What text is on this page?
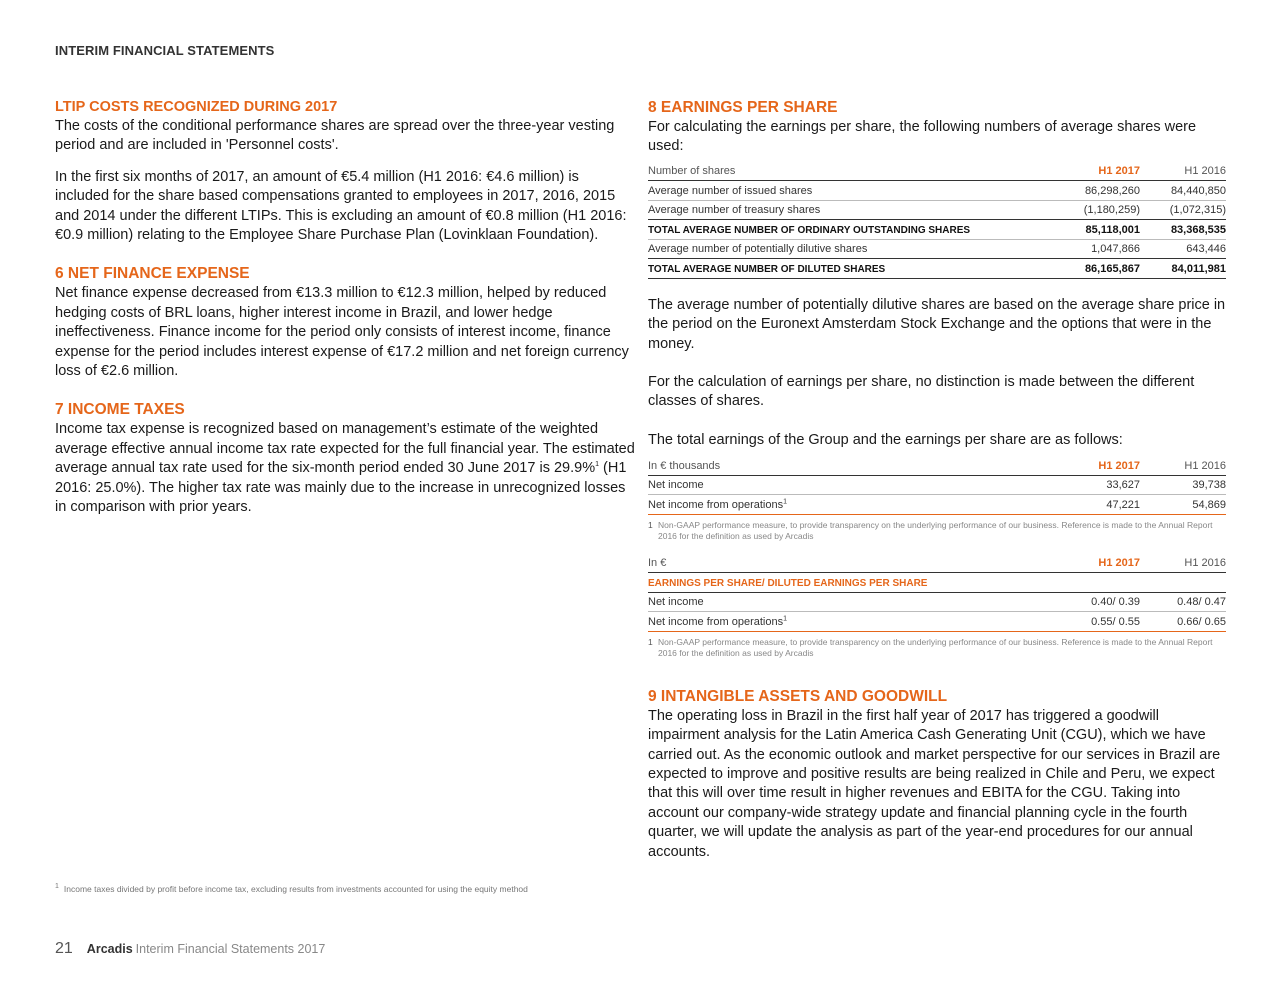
INTERIM FINANCIAL STATEMENTS
LTIP COSTS RECOGNIZED DURING 2017
The costs of the conditional performance shares are spread over the three-year vesting period and are included in 'Personnel costs'.
In the first six months of 2017, an amount of €5.4 million (H1 2016: €4.6 million) is included for the share based compensations granted to employees in 2017, 2016, 2015 and 2014 under the different LTIPs. This is excluding an amount of €0.8 million (H1 2016: €0.9 million) relating to the Employee Share Purchase Plan (Lovinklaan Foundation).
6 NET FINANCE EXPENSE
Net finance expense decreased from €13.3 million to €12.3 million, helped by reduced hedging costs of BRL loans, higher interest income in Brazil, and lower hedge ineffectiveness. Finance income for the period only consists of interest income, finance expense for the period includes interest expense of €17.2 million and net foreign currency loss of €2.6 million.
7 INCOME TAXES
Income tax expense is recognized based on management’s estimate of the weighted average effective annual income tax rate expected for the full financial year. The estimated average annual tax rate used for the six-month period ended 30 June 2017 is 29.9%$^1$ (H1 2016: 25.0%). The higher tax rate was mainly due to the increase in unrecognized losses in comparison with prior years.
8 EARNINGS PER SHARE
For calculating the earnings per share, the following numbers of average shares were used:
Number of shares	H1 2017	H1 2016
Average number of issued shares	86,298,260	84,440,850
Average number of treasury shares	(1,180,259)	(1,072,315)
TOTAL AVERAGE NUMBER OF ORDINARY OUTSTANDING SHARES	85,118,001	83,368,535
Average number of potentially dilutive shares	1,047,866	643,446
TOTAL AVERAGE NUMBER OF DILUTED SHARES	86,165,867	84,011,981
The average number of potentially dilutive shares are based on the average share price in the period on the Euronext Amsterdam Stock Exchange and the options that were in the money.
For the calculation of earnings per share, no distinction is made between the different classes of shares.
The total earnings of the Group and the earnings per share are as follows:
In € thousands	H1 2017	H1 2016
Net income	33,627	39,738
Net income from operations$^1$	47,221	54,869
1 Non-GAAP performance measure, to provide transparency on the underlying performance of our business. Reference is made to the Annual Report 2016 for the definition as used by Arcadis
In €	H1 2017	H1 2016
EARNINGS PER SHARE/ DILUTED EARNINGS PER SHARE		
Net income	0.40/ 0.39	0.48/ 0.47
Net income from operations$^1$	0.55/ 0.55	0.66/ 0.65
1 Non-GAAP performance measure, to provide transparency on the underlying performance of our business. Reference is made to the Annual Report 2016 for the definition as used by Arcadis
9 INTANGIBLE ASSETS AND GOODWILL
The operating loss in Brazil in the first half year of 2017 has triggered a goodwill impairment analysis for the Latin America Cash Generating Unit (CGU), which we have carried out. As the economic outlook and market perspective for our services in Brazil are expected to improve and positive results are being realized in Chile and Peru, we expect that this will over time result in higher revenues and EBITA for the CGU. Taking into account our company-wide strategy update and financial planning cycle in the fourth quarter, we will update the analysis as part of the year-end procedures for our annual accounts.
$^1$ Income taxes divided by profit before income tax, excluding results from investments accounted for using the equity method
21 Arcadis Interim Financial Statements 2017
